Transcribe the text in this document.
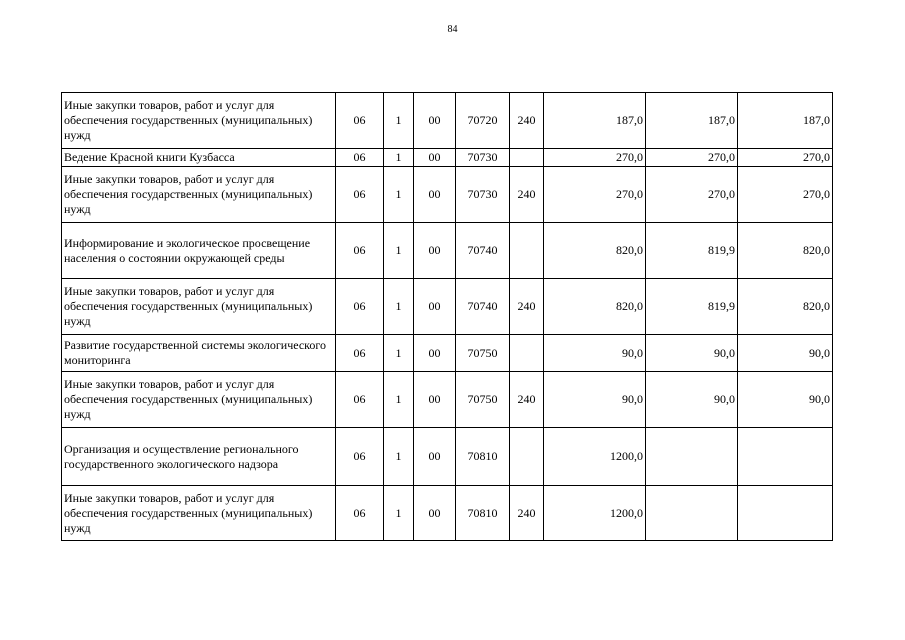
84
Иные закупки товаров, работ и услуг для обеспечения государственных (муниципальных) нужд	06	1	00	70720	240	187,0	187,0	187,0
Ведение Красной книги Кузбасса	06	1	00	70730		270,0	270,0	270,0
Иные закупки товаров, работ и услуг для обеспечения государственных (муниципальных) нужд	06	1	00	70730	240	270,0	270,0	270,0
Информирование и экологическое просвещение населения о состоянии окружающей среды	06	1	00	70740		820,0	819,9	820,0
Иные закупки товаров, работ и услуг для обеспечения государственных (муниципальных) нужд	06	1	00	70740	240	820,0	819,9	820,0
Развитие государственной системы экологического мониторинга	06	1	00	70750		90,0	90,0	90,0
Иные закупки товаров, работ и услуг для обеспечения государственных (муниципальных) нужд	06	1	00	70750	240	90,0	90,0	90,0
Организация и осуществление регионального государственного экологического надзора	06	1	00	70810		1200,0		
Иные закупки товаров, работ и услуг для обеспечения государственных (муниципальных) нужд	06	1	00	70810	240	1200,0		
